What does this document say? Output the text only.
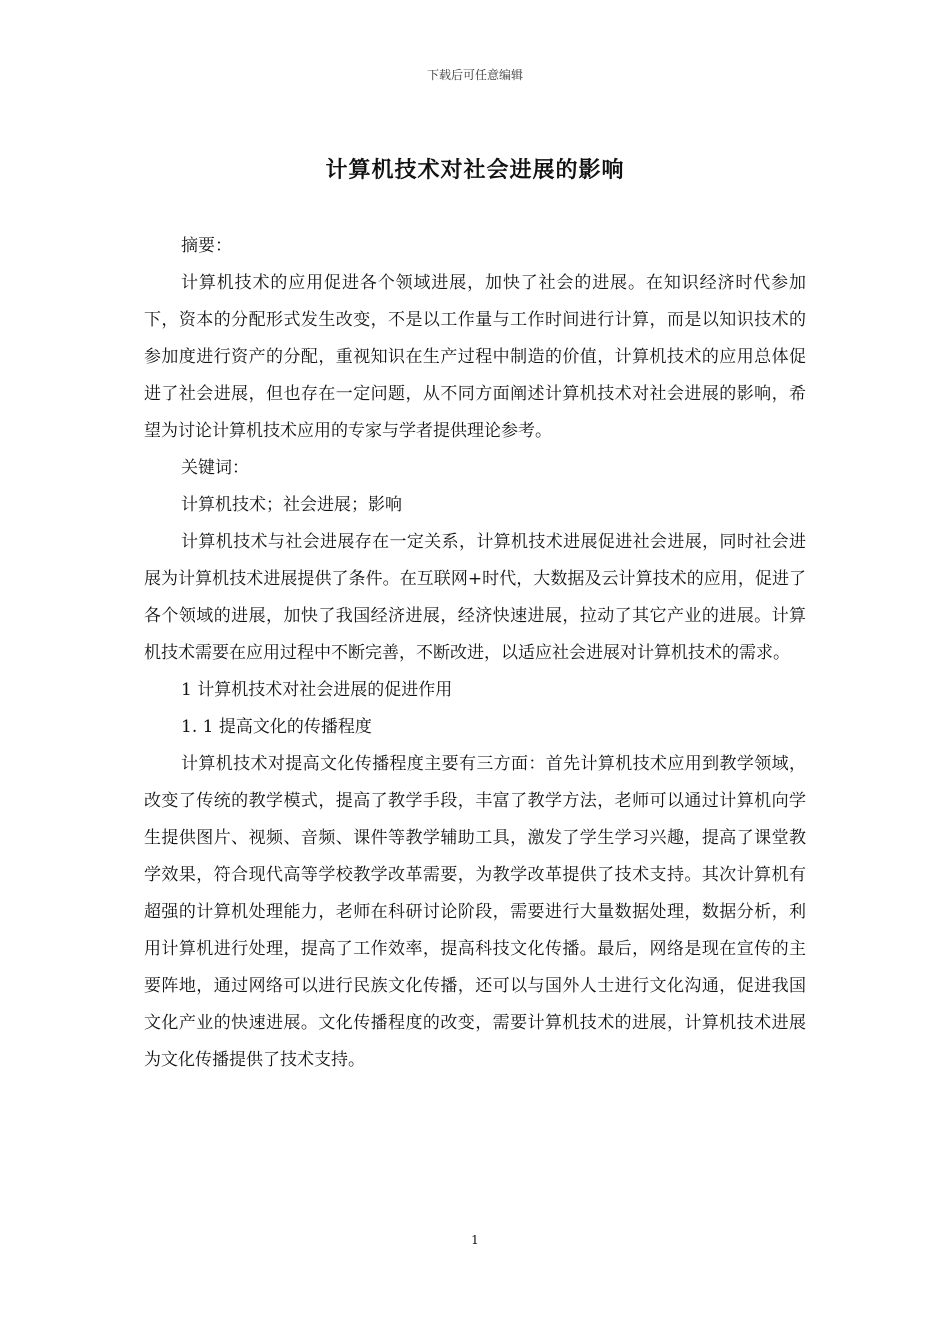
下载后可任意编辑
计算机技术对社会进展的影响

摘要：

计算机技术的应用促进各个领域进展，加快了社会的进展。在知识经济时代参加下，资本的分配形式发生改变，不是以工作量与工作时间进行计算，而是以知识技术的参加度进行资产的分配，重视知识在生产过程中制造的价值，计算机技术的应用总体促进了社会进展，但也存在一定问题，从不同方面阐述计算机技术对社会进展的影响，希望为讨论计算机技术应用的专家与学者提供理论参考。

关键词：

计算机技术；社会进展；影响

计算机技术与社会进展存在一定关系，计算机技术进展促进社会进展，同时社会进展为计算机技术进展提供了条件。在互联网+时代，大数据及云计算技术的应用，促进了各个领域的进展，加快了我国经济进展，经济快速进展，拉动了其它产业的进展。计算机技术需要在应用过程中不断完善，不断改进，以适应社会进展对计算机技术的需求。

1 计算机技术对社会进展的促进作用

1. 1 提高文化的传播程度

计算机技术对提高文化传播程度主要有三方面：首先计算机技术应用到教学领域，改变了传统的教学模式，提高了教学手段，丰富了教学方法，老师可以通过计算机向学生提供图片、视频、音频、课件等教学辅助工具，激发了学生学习兴趣，提高了课堂教学效果，符合现代高等学校教学改革需要，为教学改革提供了技术支持。其次计算机有超强的计算机处理能力，老师在科研讨论阶段，需要进行大量数据处理，数据分析，利用计算机进行处理，提高了工作效率，提高科技文化传播。最后，网络是现在宣传的主要阵地，通过网络可以进行民族文化传播，还可以与国外人士进行文化沟通，促进我国文化产业的快速进展。文化传播程度的改变，需要计算机技术的进展，计算机技术进展为文化传播提供了技术支持。

1
